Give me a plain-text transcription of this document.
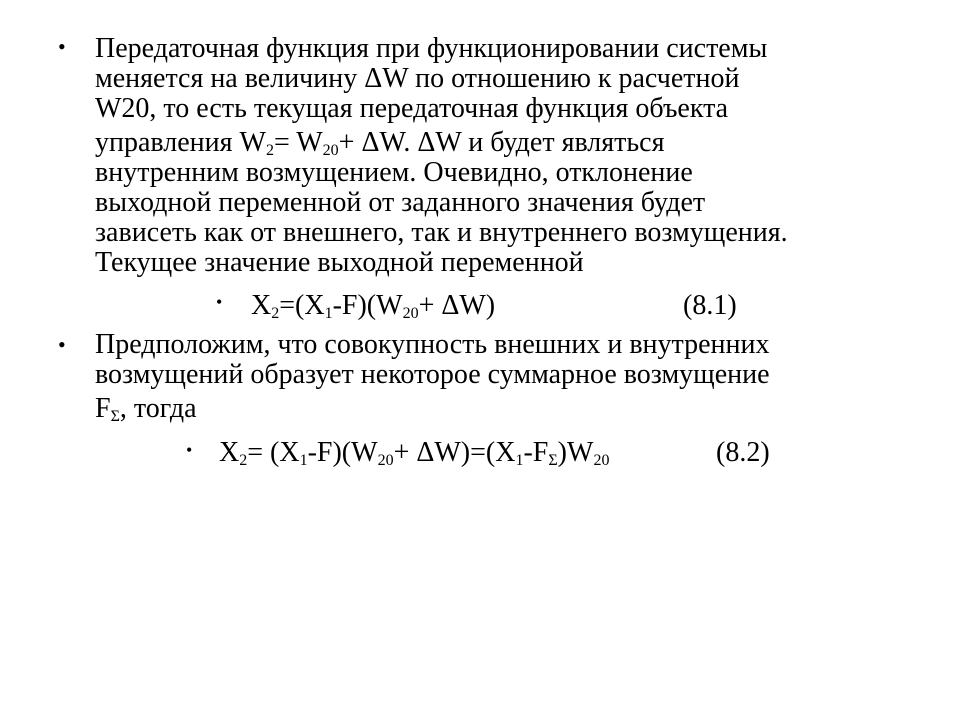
• Передаточная функция при функционировании системы
меняется на величину ΔW по отношению к расчетной
W20, то есть текущая передаточная функция объекта
управления $W_2= W_{20}+ \Delta W$. ΔW и будет являться
внутренним возмущением. Очевидно, отклонение
выходной переменной от заданного значения будет
зависеть как от внешнего, так и внутреннего возмущения.
Текущее значение выходной переменной
• $X_2=(X_1-F)(W_{20}+ \Delta W)$	(8.1)
• Предположим, что совокупность внешних и внутренних
возмущений образует некоторое суммарное возмущение
$F_\Sigma$, тогда
• $X_2= (X_1-F)(W_{20}+ \Delta W)=(X_1-F_\Sigma)W_{20}$	(8.2)
